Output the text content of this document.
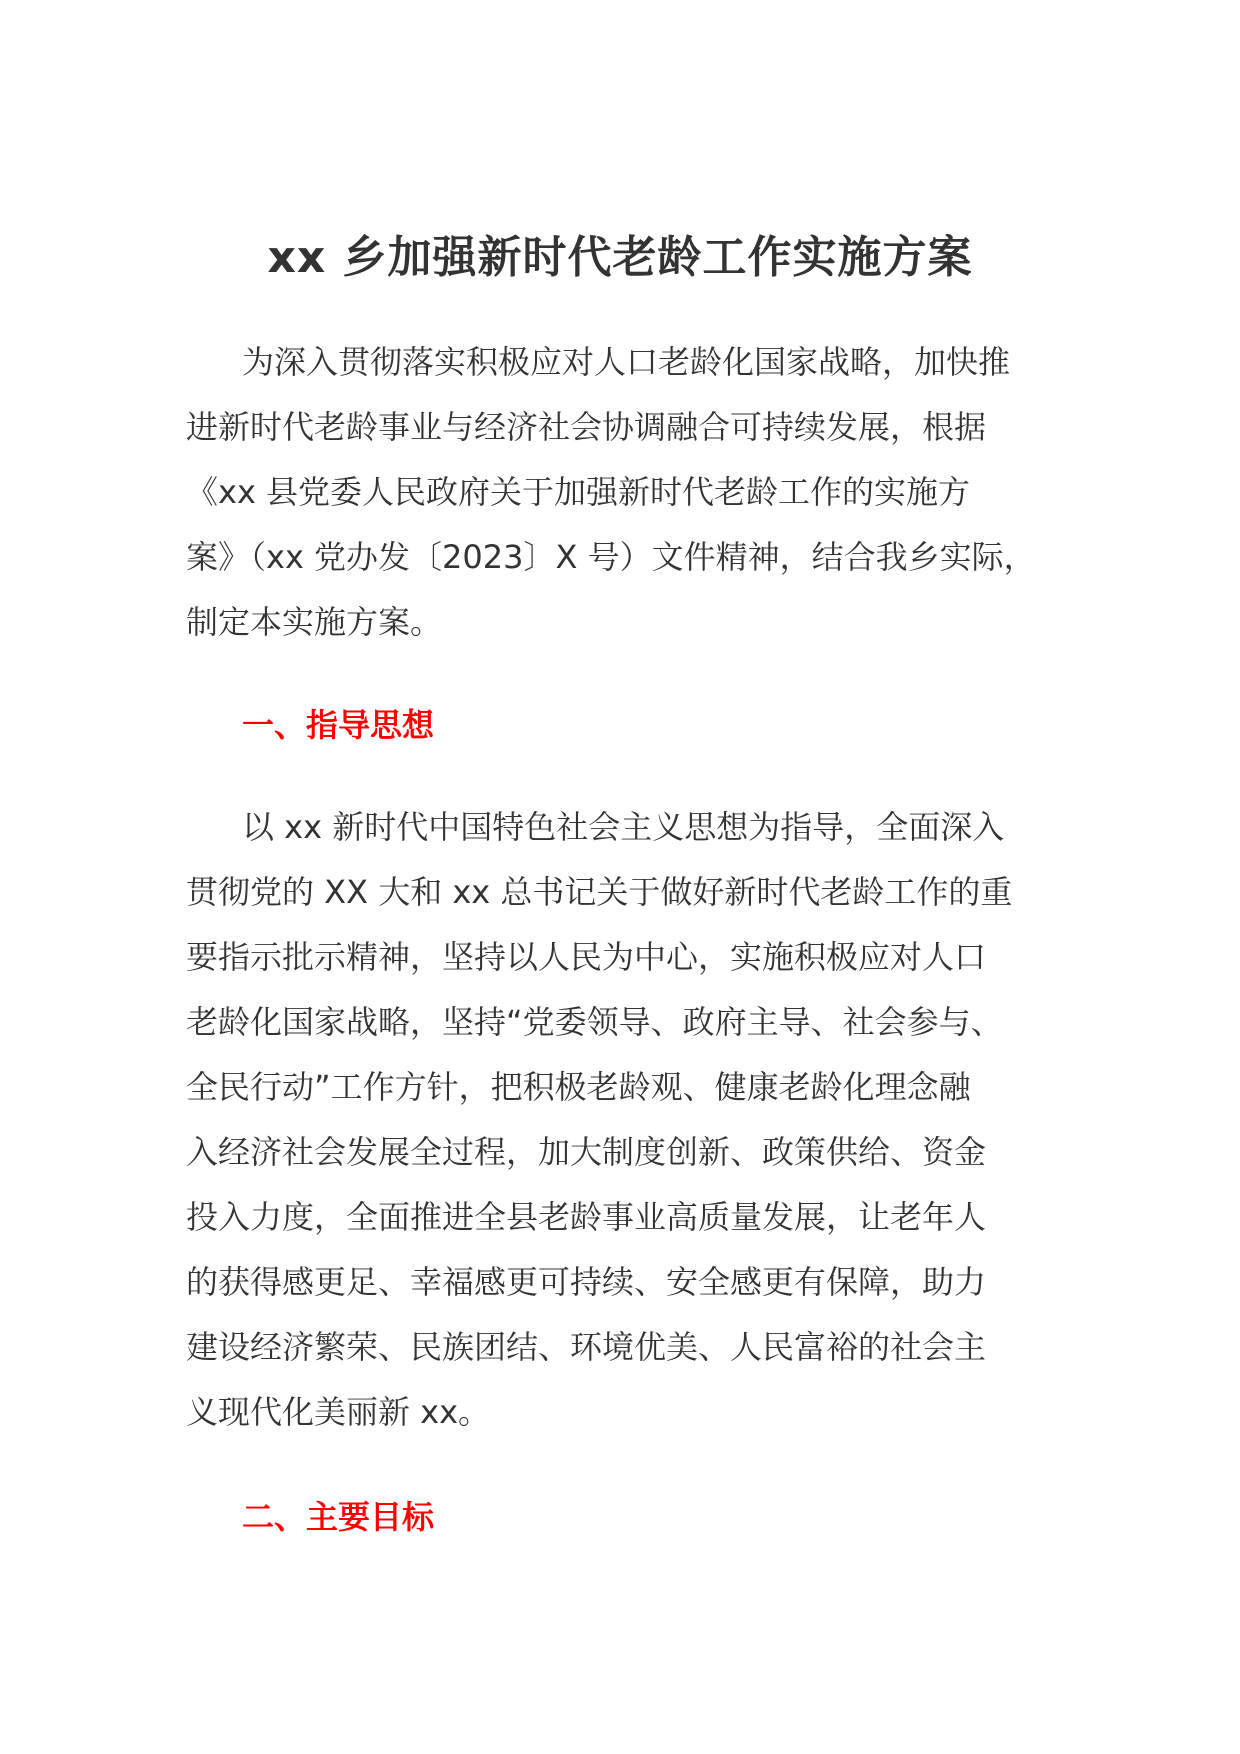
xx 乡加强新时代老龄工作实施方案
为深入贯彻落实积极应对人口老龄化国家战略，加快推
进新时代老龄事业与经济社会协调融合可持续发展，根据
《xx 县党委人民政府关于加强新时代老龄工作的实施方
案》（xx 党办发〔2023〕X 号）文件精神，结合我乡实际，
制定本实施方案。
一、指导思想
以 xx 新时代中国特色社会主义思想为指导，全面深入
贯彻党的 XX 大和 xx 总书记关于做好新时代老龄工作的重
要指示批示精神，坚持以人民为中心，实施积极应对人口
老龄化国家战略，坚持“党委领导、政府主导、社会参与、
全民行动”工作方针，把积极老龄观、健康老龄化理念融
入经济社会发展全过程，加大制度创新、政策供给、资金
投入力度，全面推进全县老龄事业高质量发展，让老年人
的获得感更足、幸福感更可持续、安全感更有保障，助力
建设经济繁荣、民族团结、环境优美、人民富裕的社会主
义现代化美丽新 xx。
二、主要目标
